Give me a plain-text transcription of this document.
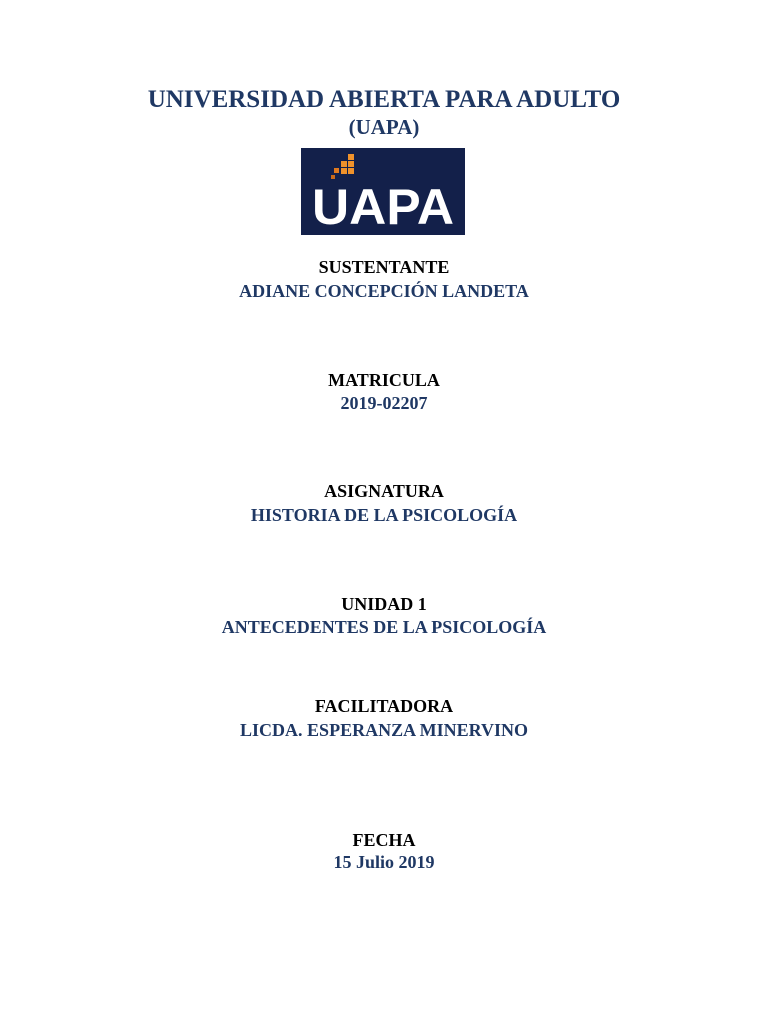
UNIVERSIDAD ABIERTA PARA ADULTO
(UAPA)
UAPA
SUSTENTANTE
ADIANE CONCEPCIÓN LANDETA
MATRICULA
2019-02207
ASIGNATURA
HISTORIA DE LA PSICOLOGÍA
UNIDAD 1
ANTECEDENTES DE LA PSICOLOGÍA
FACILITADORA
LICDA. ESPERANZA MINERVINO
FECHA
15 Julio 2019
